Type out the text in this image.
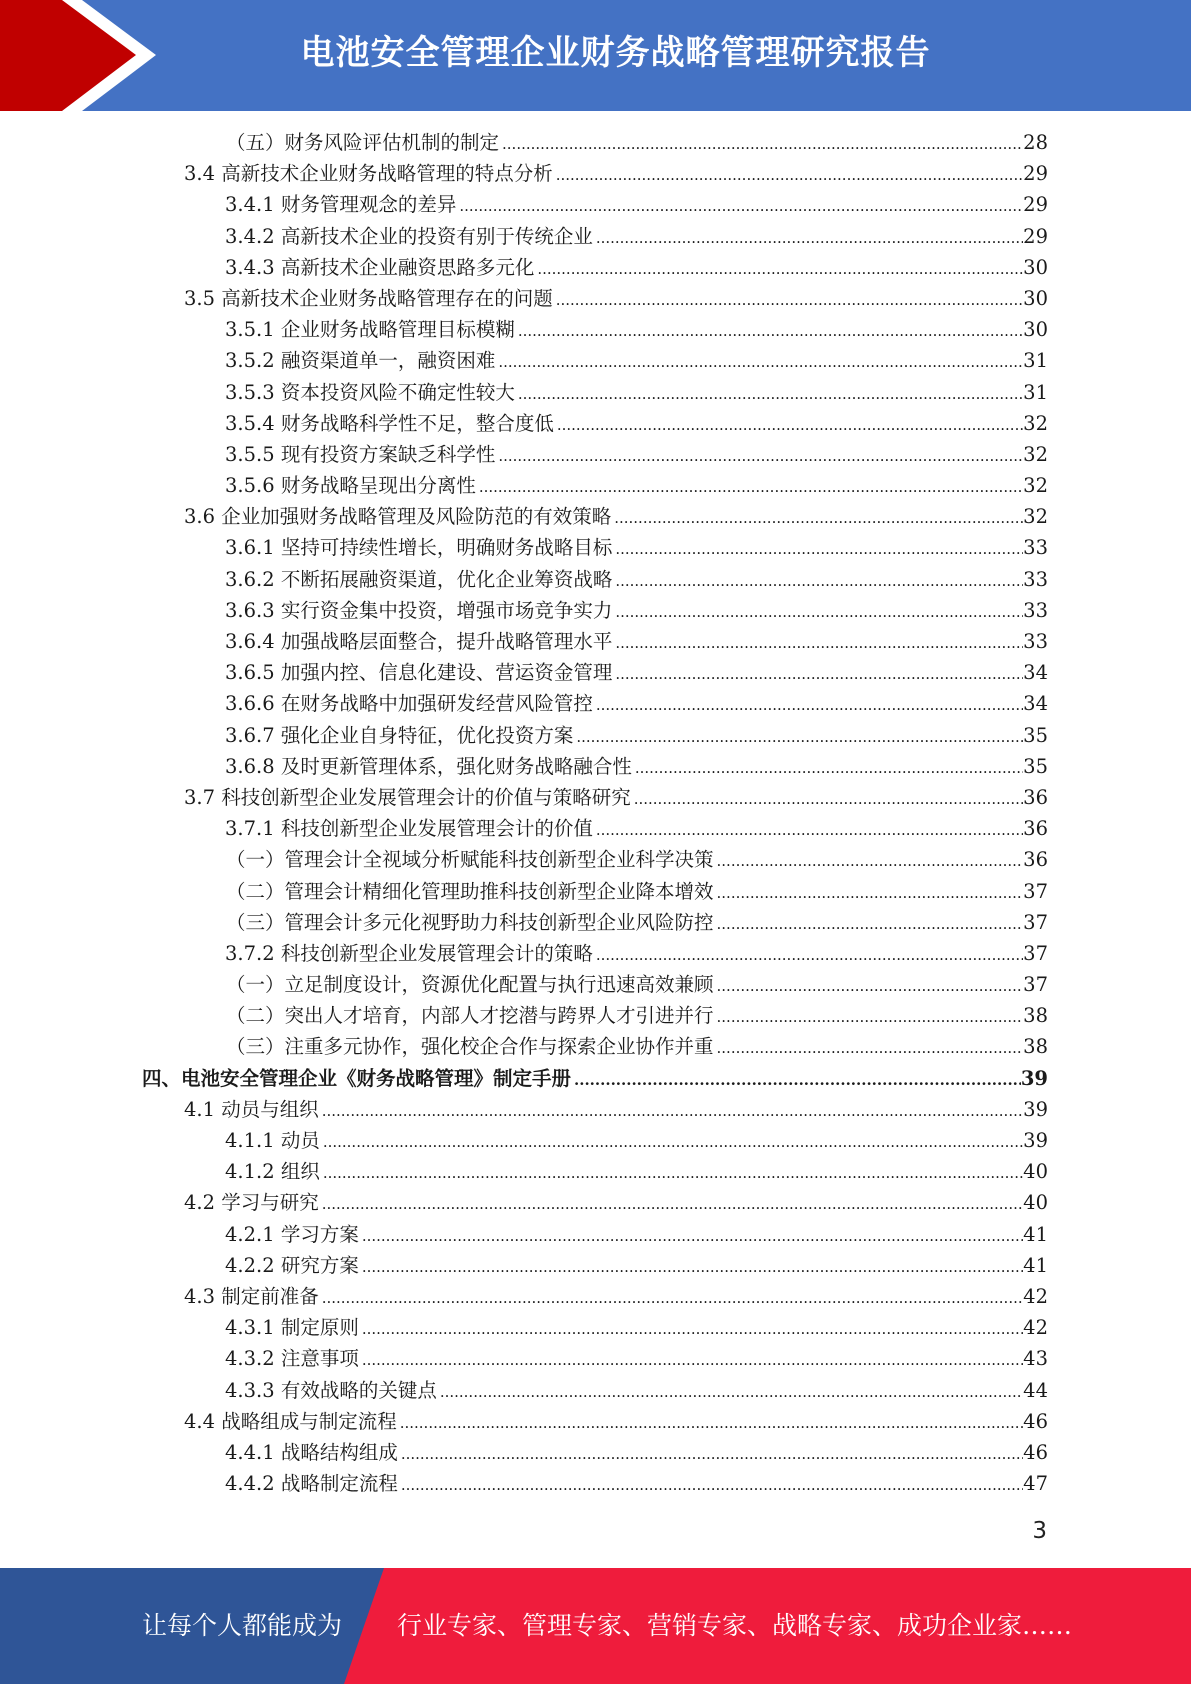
电池安全管理企业财务战略管理研究报告
（五）财务风险评估机制的制定 .....	28
3.4 高新技术企业财务战略管理的特点分析 .....	29
3.4.1 财务管理观念的差异 .....	29
3.4.2 高新技术企业的投资有别于传统企业 .....	29
3.4.3 高新技术企业融资思路多元化 .....	30
3.5 高新技术企业财务战略管理存在的问题 .....	30
3.5.1 企业财务战略管理目标模糊 .....	30
3.5.2 融资渠道单一，融资困难 .....	31
3.5.3 资本投资风险不确定性较大 .....	31
3.5.4 财务战略科学性不足，整合度低 .....	32
3.5.5 现有投资方案缺乏科学性 .....	32
3.5.6 财务战略呈现出分离性 .....	32
3.6 企业加强财务战略管理及风险防范的有效策略 .....	32
3.6.1 坚持可持续性增长，明确财务战略目标 .....	33
3.6.2 不断拓展融资渠道，优化企业筹资战略 .....	33
3.6.3 实行资金集中投资，增强市场竞争实力 .....	33
3.6.4 加强战略层面整合，提升战略管理水平 .....	33
3.6.5 加强内控、信息化建设、营运资金管理 .....	34
3.6.6 在财务战略中加强研发经营风险管控 .....	34
3.6.7 强化企业自身特征，优化投资方案 .....	35
3.6.8 及时更新管理体系，强化财务战略融合性 .....	35
3.7 科技创新型企业发展管理会计的价值与策略研究 .....	36
3.7.1 科技创新型企业发展管理会计的价值 .....	36
（一）管理会计全视域分析赋能科技创新型企业科学决策 .....	36
（二）管理会计精细化管理助推科技创新型企业降本增效 .....	37
（三）管理会计多元化视野助力科技创新型企业风险防控 .....	37
3.7.2 科技创新型企业发展管理会计的策略 .....	37
（一）立足制度设计，资源优化配置与执行迅速高效兼顾 .....	37
（二）突出人才培育，内部人才挖潜与跨界人才引进并行 .....	38
（三）注重多元协作，强化校企合作与探索企业协作并重 .....	38
四、电池安全管理企业《财务战略管理》制定手册 .....	39
4.1 动员与组织 .....	39
4.1.1 动员 .....	39
4.1.2 组织 .....	40
4.2 学习与研究 .....	40
4.2.1 学习方案 .....	41
4.2.2 研究方案 .....	41
4.3 制定前准备 .....	42
4.3.1 制定原则 .....	42
4.3.2 注意事项 .....	43
4.3.3 有效战略的关键点 .....	44
4.4 战略组成与制定流程 .....	46
4.4.1 战略结构组成 .....	46
4.4.2 战略制定流程 .....	47
3
让每个人都能成为 行业专家、管理专家、营销专家、战略专家、成功企业家……
